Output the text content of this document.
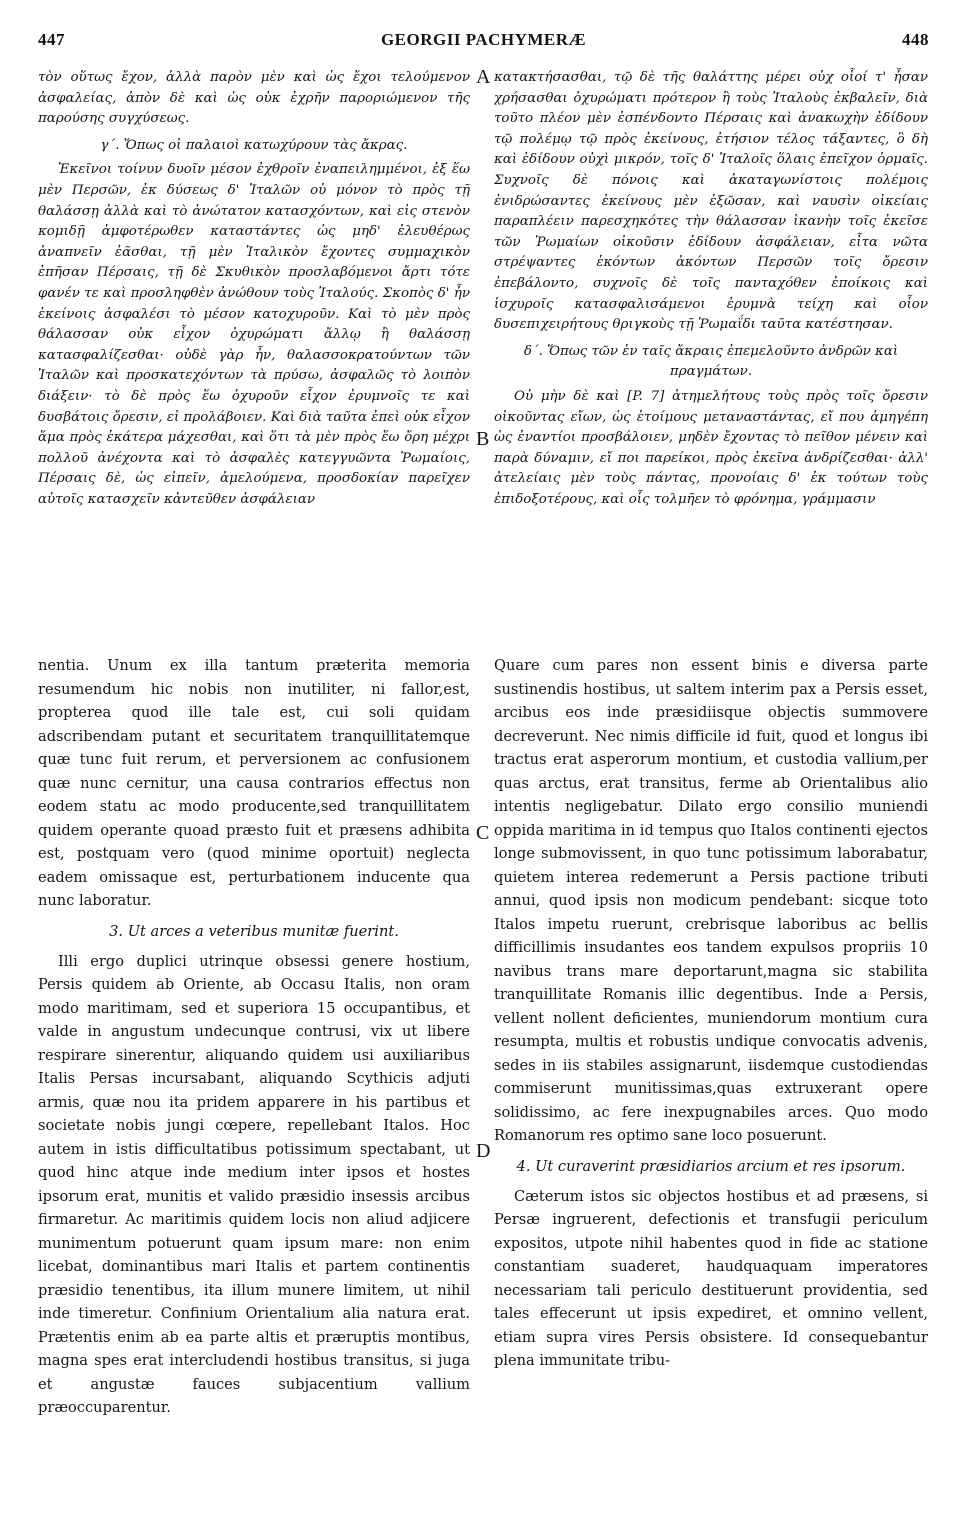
447	GEORGII PACHYMERÆ	448

τὸν οὕτως ἔχον, ἀλλὰ παρὸν μὲν καὶ ὡς ἔχοι τελούμενον ἀσφαλείας, ἀπὸν δὲ καὶ ὡς οὐκ ἐχρῆν παροριώμενον τῆς παρούσης συγχύσεως.

γ΄. Ὅπως οἱ παλαιοὶ κατωχύρουν τὰς ἄκρας.

Ἐκεῖνοι τοίνυν δυοῖν μέσον ἐχθροῖν ἐναπειλημμένοι, ἐξ ἕω μὲν Περσῶν, ἐκ δύσεως δ' Ἰταλῶν οὐ μόνον τὸ πρὸς τῇ θαλάσσῃ ἀλλὰ καὶ τὸ ἀνώτατον κατασχόντων, καὶ εἰς στενὸν κομιδῇ ἀμφοτέρωθεν καταστάντες ὡς μηδ' ἐλευθέρως ἀναπνεῖν ἐᾶσθαι, τῇ μὲν Ἰταλικὸν ἔχοντες συμμαχικὸν ἐπῆσαν Πέρσαις, τῇ δὲ Σκυθικὸν προσλαβόμενοι ἄρτι τότε φανέν τε καὶ προσληφθὲν ἀνώθουν τοὺς Ἰταλούς. Σκοπὸς δ' ἦν ἐκείνοις ἀσφαλέσι τὸ μέσον κατοχυροῦν. Καὶ τὸ μὲν πρὸς θάλασσαν οὐκ εἶχον ὀχυρώματι ἄλλῳ ἢ θαλάσσῃ κατασφαλίζεσθαι· οὐδὲ γὰρ ἦν, θαλασσοκρατούντων τῶν Ἰταλῶν καὶ προσκατεχόντων τὰ πρύσω, ἀσφαλῶς τὸ λοιπὸν διάξειν· τὸ δὲ πρὸς ἕω ὀχυροῦν εἶχον ἐρυμνοῖς τε καὶ δυσβάτοις ὄρεσιν, εἰ προλάβοιεν. Καὶ διὰ ταῦτα ἐπεὶ οὐκ εἶχον ἅμα πρὸς ἑκάτερα μάχεσθαι, καὶ ὅτι τὰ μὲν πρὸς ἕω ὄρη μέχρι πολλοῦ ἀνέχοντα καὶ τὸ ἀσφαλὲς κατεγγυῶντα Ῥωμαίοις, Πέρσαις δὲ, ὡς εἰπεῖν, ἀμελούμενα, προσδοκίαν παρεῖχεν αὐτοῖς κατασχεῖν κἀντεῦθεν ἀσφάλειαν

κατακτήσασθαι, τῷ δὲ τῆς θαλάττης μέρει οὐχ οἷοί τ' ἦσαν χρήσασθαι ὀχυρώματι πρότερον ἢ τοὺς Ἰταλοὺς ἐκβαλεῖν, διὰ τοῦτο πλέον μὲν ἐσπένδοντο Πέρσαις καὶ ἀνακωχὴν ἐδίδουν τῷ πολέμῳ τῷ πρὸς ἐκείνους, ἐτήσιον τέλος τάξαντες, ὃ δὴ καὶ ἐδίδουν οὐχὶ μικρόν, τοῖς δ' Ἰταλοῖς ὅλαις ἐπεῖχον ὁρμαῖς. Συχνοῖς δὲ πόνοις καὶ ἀκαταγωνίστοις πολέμοις ἐνιδρώσαντες ἐκείνους μὲν ἐξῶσαν, καὶ ναυσὶν οἰκείαις παραπλέειν παρεσχηκότες τὴν θάλασσαν ἱκανὴν τοῖς ἐκεῖσε τῶν Ῥωμαίων οἰκοῦσιν ἐδίδουν ἀσφάλειαν, εἶτα νῶτα στρέψαντες ἑκόντων ἀκόντων Περσῶν τοῖς ὄρεσιν ἐπεβάλοντο, συχνοῖς δὲ τοῖς πανταχόθεν ἐποίκοις καὶ ἰσχυροῖς κατασφαλισάμενοι ἐρυμνὰ τείχη καὶ οἷον δυσεπιχειρήτους θριγκοὺς τῇ Ῥωμαΐδι ταῦτα κατέστησαν.

δ΄. Ὅπως τῶν ἐν ταῖς ἄκραις ἐπεμελοῦντο ἀνδρῶν καὶ πραγμάτων.

Οὐ μὴν δὲ καὶ [P. 7] ἀτημελήτους τοὺς πρὸς τοῖς ὄρεσιν οἰκοῦντας εἴων, ὡς ἑτοίμους μεταναστάντας, εἴ που ἀμηγέπη ὡς ἐναντίοι προσβάλοιεν, μηδὲν ἔχοντας τὸ πεῖθον μένειν καὶ παρὰ δύναμιν, εἴ ποι παρείκοι, πρὸς ἐκεῖνα ἀνδρίζεσθαι· ἀλλ' ἀτελείαις μὲν τοὺς πάντας, προνοίαις δ' ἐκ τούτων τοὺς ἐπιδοξοτέρους, καὶ οἷς τολμῆεν τὸ φρόνημα, γράμμασιν

nentia. Unum ex illa tantum præterita memoria resumendum hic nobis non inutiliter, ni fallor,est, propterea quod ille tale est, cui soli quidam adscribendam putant et securitatem tranquillitatemque quæ tunc fuit rerum, et perversionem ac confusionem quæ nunc cernitur, una causa contrarios effectus non eodem statu ac modo producente,sed tranquillitatem quidem operante quoad præsto fuit et præsens adhibita est, postquam vero (quod minime oportuit) neglecta eadem omissaque est, perturbationem inducente qua nunc laboratur.

3. Ut arces a veteribus munitæ fuerint.

Illi ergo duplici utrinque obsessi genere hostium, Persis quidem ab Oriente, ab Occasu Italis, non oram modo maritimam, sed et superiora 15 occupantibus, et valde in angustum undecunque contrusi, vix ut libere respirare sinerentur, aliquando quidem usi auxiliaribus Italis Persas incursabant, aliquando Scythicis adjuti armis, quæ nou ita pridem apparere in his partibus et societate nobis jungi cœpere, repellebant Italos. Hoc autem in istis difficultatibus potissimum spectabant, ut quod hinc atque inde medium inter ipsos et hostes ipsorum erat, munitis et valido præsidio insessis arcibus firmaretur. Ac maritimis quidem locis non aliud adjicere munimentum potuerunt quam ipsum mare: non enim licebat, dominantibus mari Italis et partem continentis præsidio tenentibus, ita illum munere limitem, ut nihil inde timeretur. Confinium Orientalium alia natura erat. Prætentis enim ab ea parte altis et præruptis montibus, magna spes erat intercludendi hostibus transitus, si juga et angustæ fauces subjacentium vallium præoccuparentur.

Quare cum pares non essent binis e diversa parte sustinendis hostibus, ut saltem interim pax a Persis esset, arcibus eos inde præsidiisque objectis summovere decreverunt. Nec nimis difficile id fuit, quod et longus ibi tractus erat asperorum montium, et custodia vallium,per quas arctus, erat transitus, ferme ab Orientalibus alio intentis negligebatur. Dilato ergo consilio muniendi oppida maritima in id tempus quo Italos continenti ejectos longe submovissent, in quo tunc potissimum laborabatur, quietem interea redemerunt a Persis pactione tributi annui, quod ipsis non modicum pendebant: sicque toto Italos impetu ruerunt, crebrisque laboribus ac bellis difficillimis insudantes eos tandem expulsos propriis 10 navibus trans mare deportarunt,magna sic stabilita tranquillitate Romanis illic degentibus. Inde a Persis, vellent nollent deficientes, muniendorum montium cura resumpta, multis et robustis undique convocatis advenis, sedes in iis stabiles assignarunt, iisdemque custodiendas commiserunt munitissimas,quas extruxerant opere solidissimo, ac fere inexpugnabiles arces. Quo modo Romanorum res optimo sane loco posuerunt.

4. Ut curaverint præsidiarios arcium et res ipsorum.

Cæterum istos sic objectos hostibus et ad præsens, si Persæ ingruerent, defectionis et transfugii periculum expositos, utpote nihil habentes quod in fide ac statione constantiam suaderet, haudquaquam imperatores necessariam tali periculo destituerunt providentia, sed tales effecerunt ut ipsis expediret, et omnino vellent, etiam supra vires Persis obsistere. Id consequebantur plena immunitate tribu-

A
B
C
D
